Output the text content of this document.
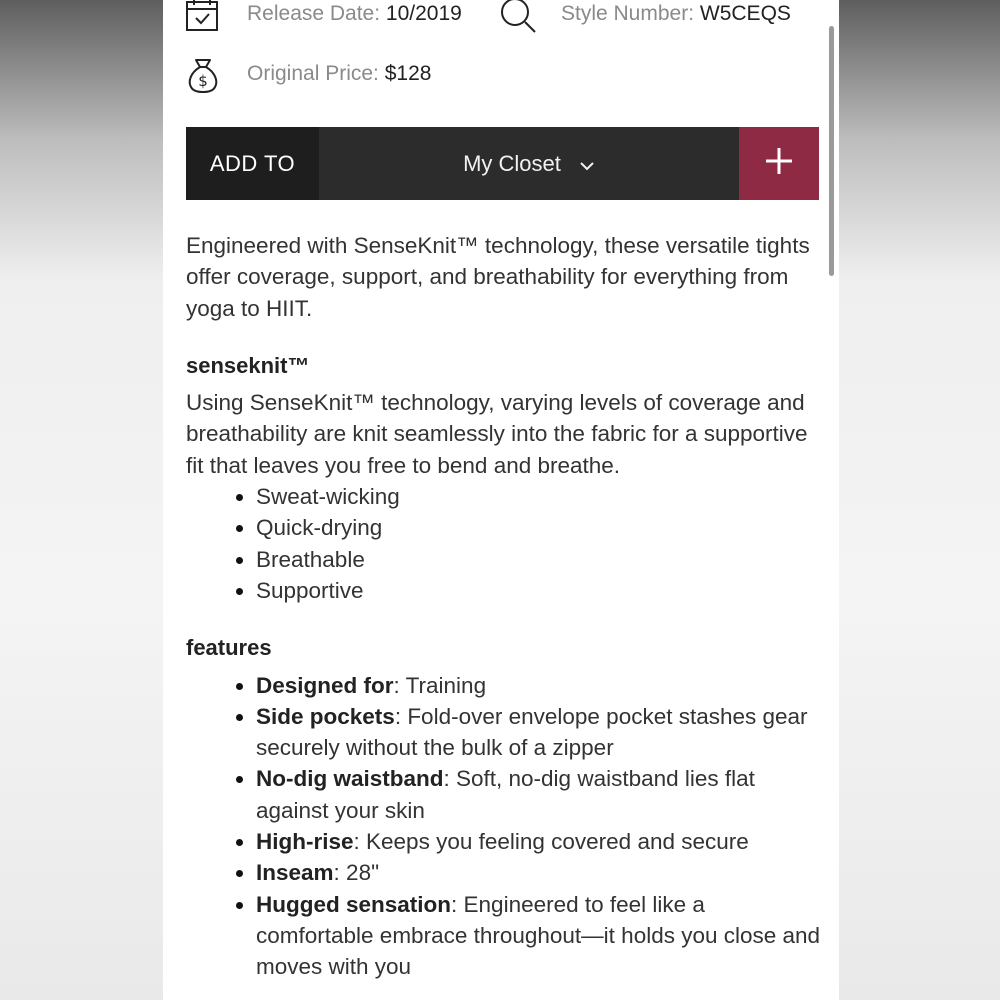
Release Date: 10/2019	Style Number: W5CEQS
$ Original Price: $128
ADD TO	My Closet

Engineered with SenseKnit™ technology, these versatile tights offer coverage, support, and breathability for everything from yoga to HIIT.

senseknit™

Using SenseKnit™ technology, varying levels of coverage and breathability are knit seamlessly into the fabric for a supportive fit that leaves you free to bend and breathe.

• Sweat-wicking
• Quick-drying
• Breathable
• Supportive
features
• Designed for: Training
• Side pockets: Fold-over envelope pocket stashes gear securely without the bulk of a zipper
• No-dig waistband: Soft, no-dig waistband lies flat against your skin
• High-rise: Keeps you feeling covered and secure
• Inseam: 28"
• Hugged sensation: Engineered to feel like a comfortable embrace throughout—it holds you close and moves with you
